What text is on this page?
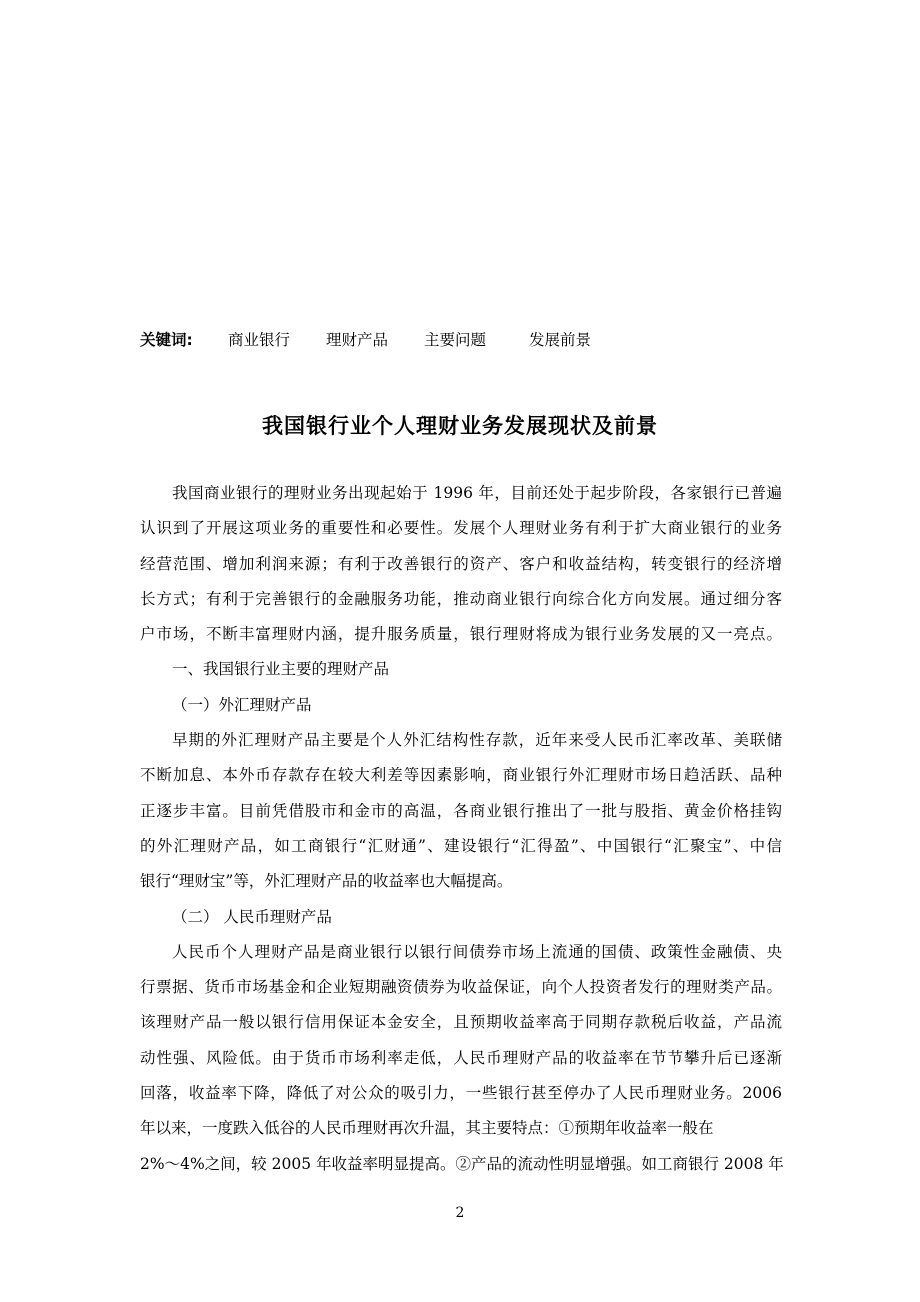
关键词: 商业银行 理财产品 主要问题	发展前景
我国银行业个人理财业务发展现状及前景
我国商业银行的理财业务出现起始于 1996 年，目前还处于起步阶段，各家银行已普遍
认识到了开展这项业务的重要性和必要性。发展个人理财业务有利于扩大商业银行的业务
经营范围、增加利润来源；有利于改善银行的资产、客户和收益结构，转变银行的经济增
长方式；有利于完善银行的金融服务功能，推动商业银行向综合化方向发展。通过细分客
户市场，不断丰富理财内涵，提升服务质量，银行理财将成为银行业务发展的又一亮点。
一、我国银行业主要的理财产品
（一）外汇理财产品
早期的外汇理财产品主要是个人外汇结构性存款，近年来受人民币汇率改革、美联储
不断加息、本外币存款存在较大利差等因素影响，商业银行外汇理财市场日趋活跃、品种
正逐步丰富。目前凭借股市和金市的高温，各商业银行推出了一批与股指、黄金价格挂钩
的外汇理财产品，如工商银行“汇财通”、建设银行“汇得盈”、中国银行“汇聚宝”、中信
银行“理财宝”等，外汇理财产品的收益率也大幅提高。
（二） 人民币理财产品
人民币个人理财产品是商业银行以银行间债券市场上流通的国债、政策性金融债、央
行票据、货币市场基金和企业短期融资债券为收益保证，向个人投资者发行的理财类产品。
该理财产品一般以银行信用保证本金安全，且预期收益率高于同期存款税后收益，产品流
动性强、风险低。由于货币市场利率走低，人民币理财产品的收益率在节节攀升后已逐渐
回落，收益率下降，降低了对公众的吸引力，一些银行甚至停办了人民币理财业务。2006
年以来，一度跌入低谷的人民币理财再次升温，其主要特点：①预期年收益率一般在
2%～4%之间，较 2005 年收益率明显提高。②产品的流动性明显增强。如工商银行 2008 年
2
